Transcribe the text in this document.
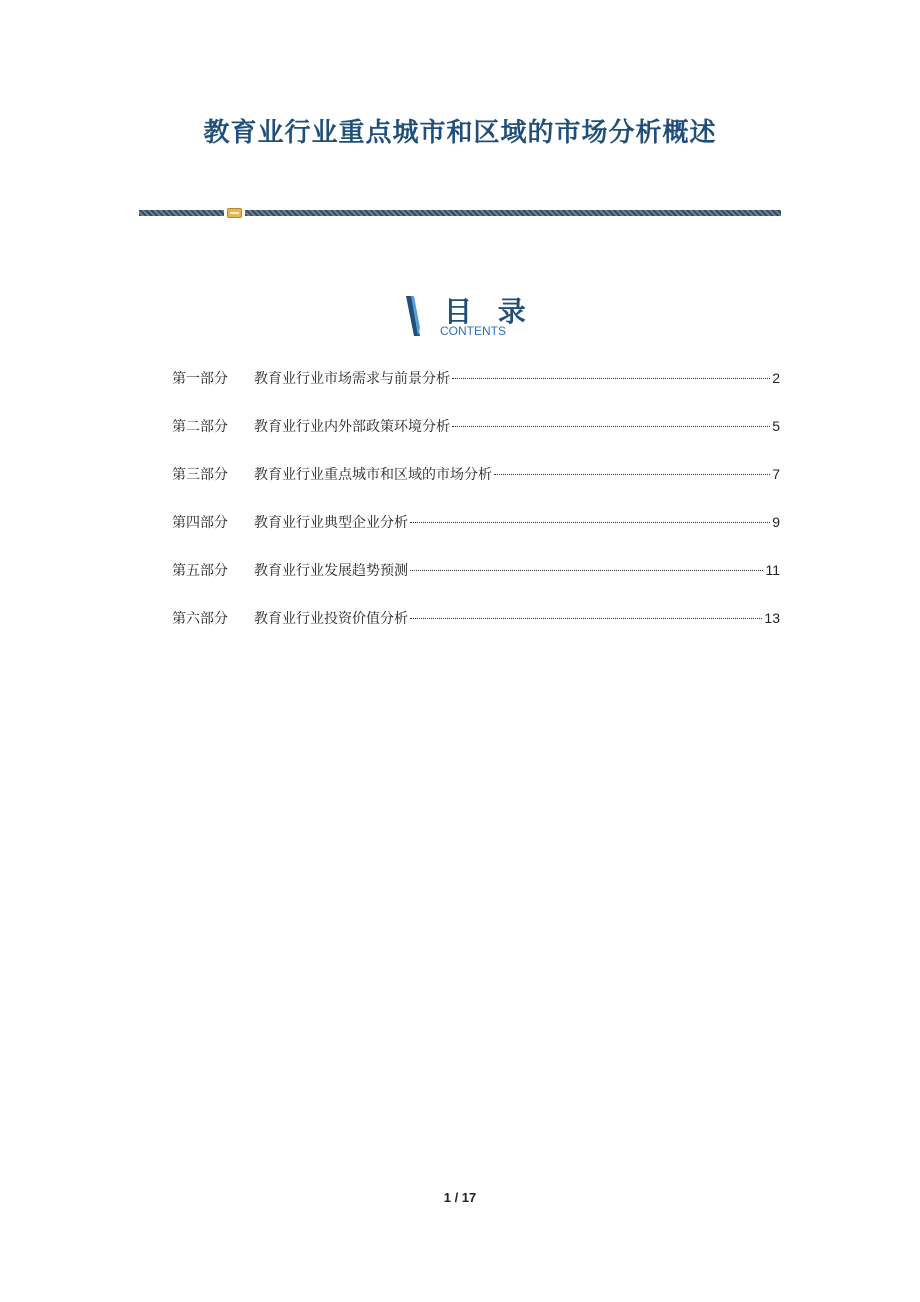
教育业行业重点城市和区域的市场分析概述
目 录
CONTENTS
第一部分	教育业行业市场需求与前景分析	2
第二部分	教育业行业内外部政策环境分析	5
第三部分	教育业行业重点城市和区域的市场分析	7
第四部分	教育业行业典型企业分析	9
第五部分	教育业行业发展趋势预测	11
第六部分	教育业行业投资价值分析	13
1 / 17
